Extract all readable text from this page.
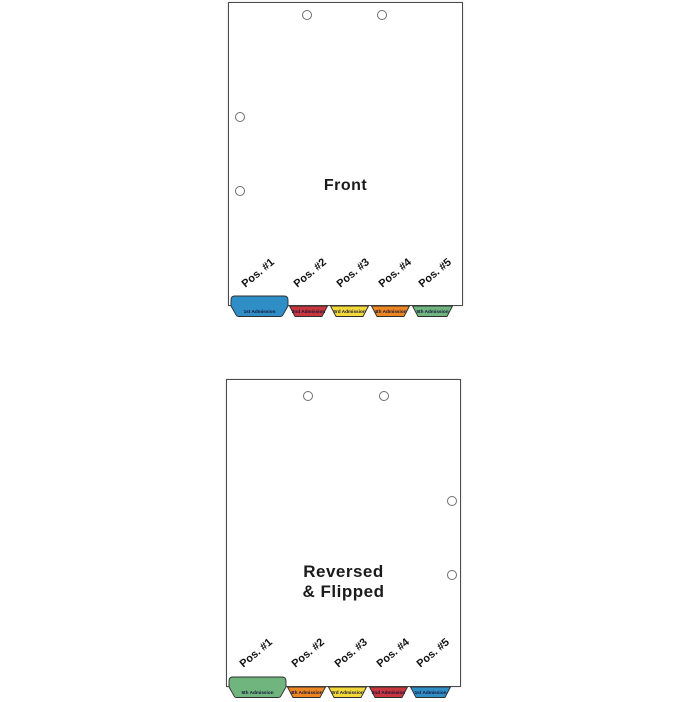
Front
Pos. #1 Pos. #2 Pos. #3 Pos. #4 Pos. #5
1st Admission	2nd Admission 3rd Admission 4th Admission 5th Admission
Reversed
& Flipped
Pos. #1 Pos. #2 Pos. #3 Pos. #4 Pos. #5
5th Admission	4th Admission 3rd Admission 2nd Admission 1st Admission
